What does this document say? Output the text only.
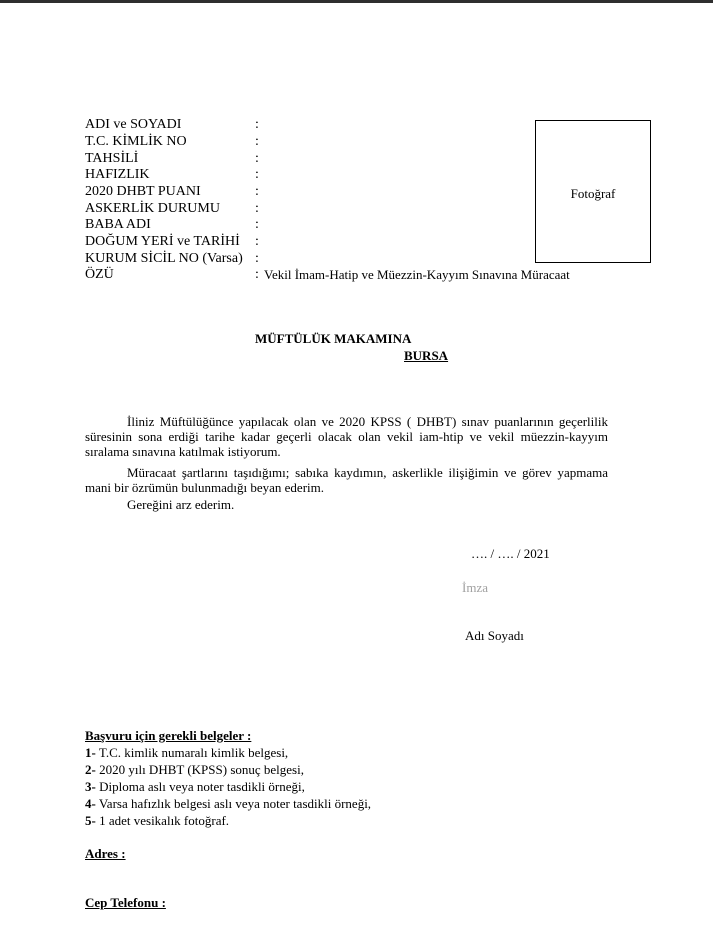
ADI ve SOYADI	:
T.C. KİMLİK NO	:
TAHSİLİ	:
HAFIZLIK	:
2020 DHBT PUANI	:
ASKERLİK DURUMU	:
BABA ADI	:
DOĞUM YERİ ve TARİHİ :
KURUM SİCİL NO (Varsa) :
ÖZÜ	: Vekil İmam-Hatip ve Müezzin-Kayyım Sınavına Müracaat
Fotoğraf
MÜFTÜLÜK MAKAMINA
BURSA
İliniz Müftülüğünce yapılacak olan ve 2020 KPSS ( DHBT) sınav puanlarının geçerlilik süresinin sona erdiği tarihe kadar geçerli olacak olan vekil iam-htip ve vekil müezzin-kayyım sıralama sınavına katılmak istiyorum.
Müracaat şartlarını taşıdığımı; sabıka kaydımın, askerlikle ilişiğimin ve görev yapmama mani bir özrümün bulunmadığı beyan ederim.
Gereğini arz ederim.
…. / …. / 2021
İmza
Adı Soyadı
Başvuru için gerekli belgeler :
1- T.C. kimlik numaralı kimlik belgesi,
2- 2020 yılı DHBT (KPSS) sonuç belgesi,
3- Diploma aslı veya noter tasdikli örneği,
4- Varsa hafızlık belgesi aslı veya noter tasdikli örneği,
5- 1 adet vesikalık fotoğraf.
Adres :
Cep Telefonu :
